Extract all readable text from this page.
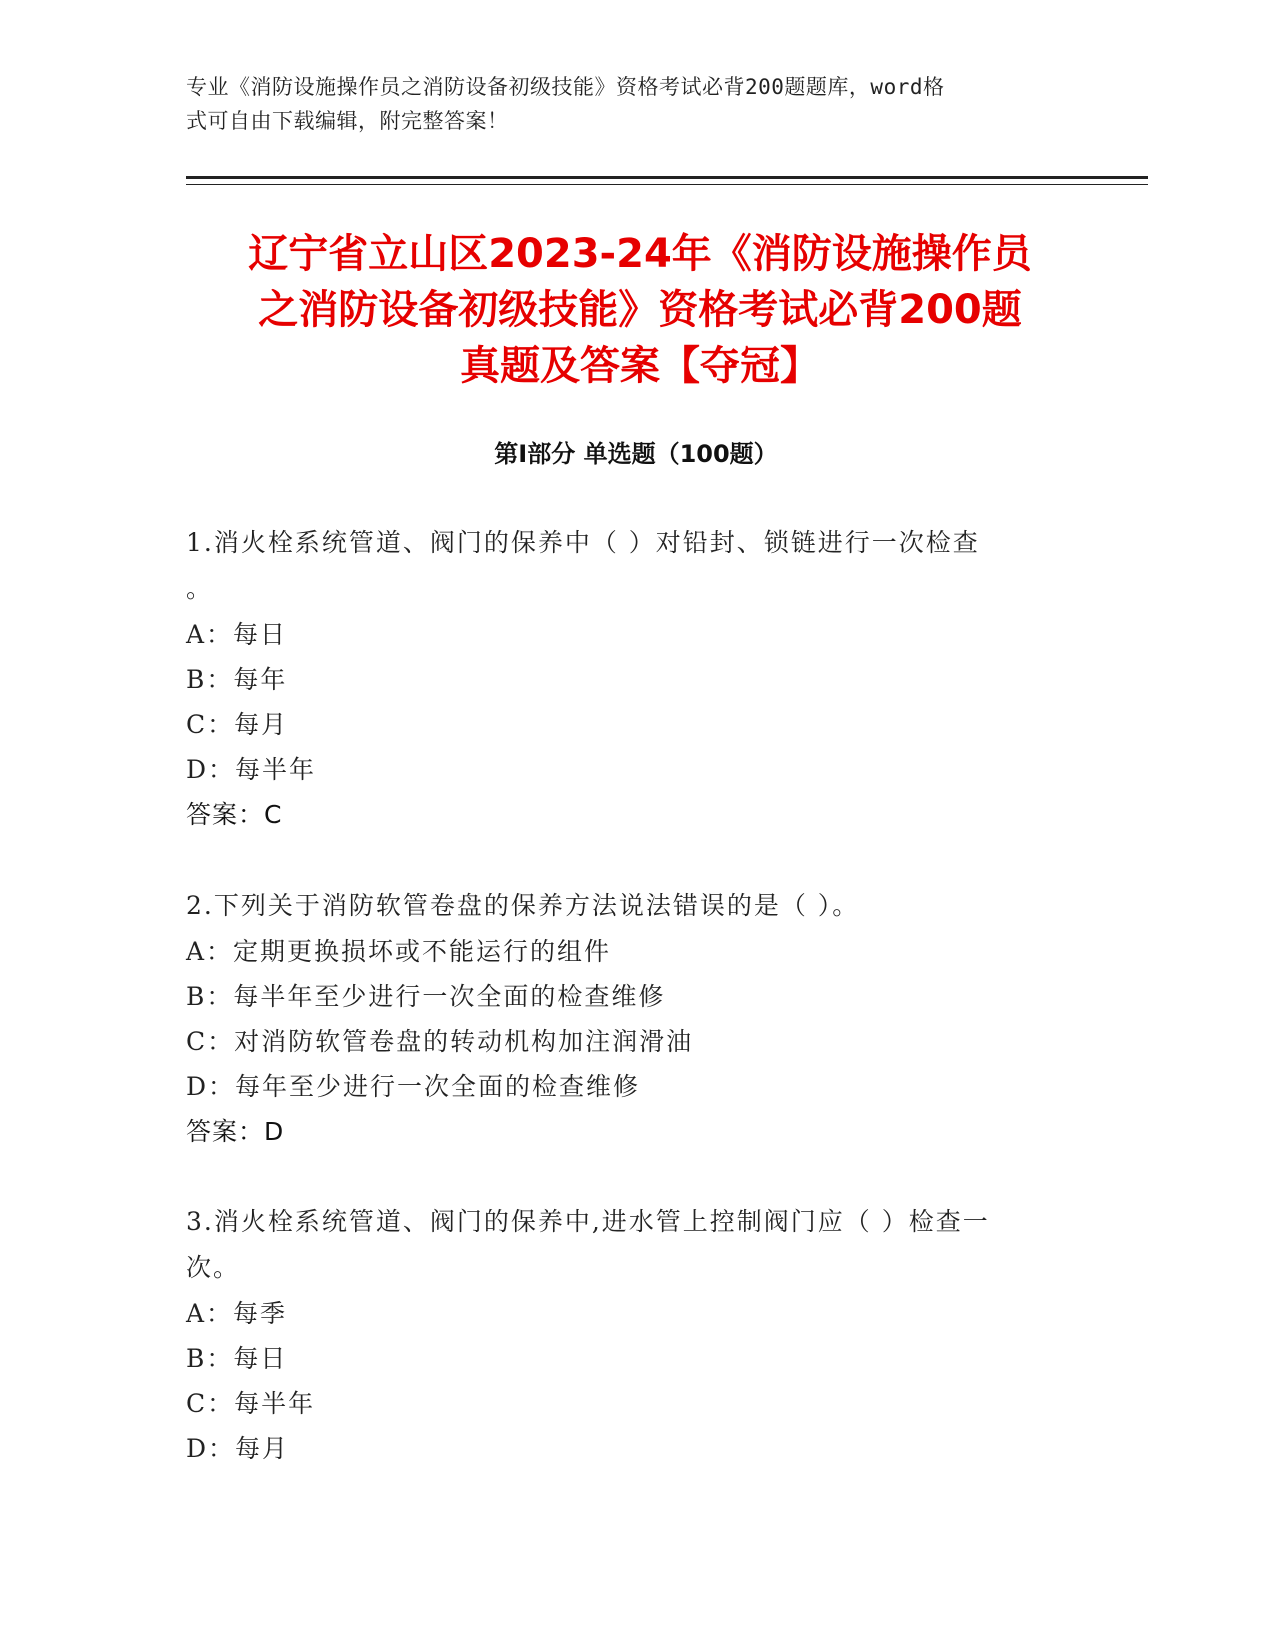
专业《消防设施操作员之消防设备初级技能》资格考试必背200题题库，word格
式可自由下载编辑，附完整答案！
辽宁省立山区2023-24年《消防设施操作员
之消防设备初级技能》资格考试必背200题
真题及答案【夺冠】
第Ⅰ部分 单选题（100题）
1.消火栓系统管道、阀门的保养中（ ）对铅封、锁链进行一次检查
。
A：每日
B：每年
C：每月
D：每半年
答案：C
2.下列关于消防软管卷盘的保养方法说法错误的是（ ）。
A：定期更换损坏或不能运行的组件
B：每半年至少进行一次全面的检查维修
C：对消防软管卷盘的转动机构加注润滑油
D：每年至少进行一次全面的检查维修
答案：D
3.消火栓系统管道、阀门的保养中,进水管上控制阀门应（ ）检查一
次。
A：每季
B：每日
C：每半年
D：每月
